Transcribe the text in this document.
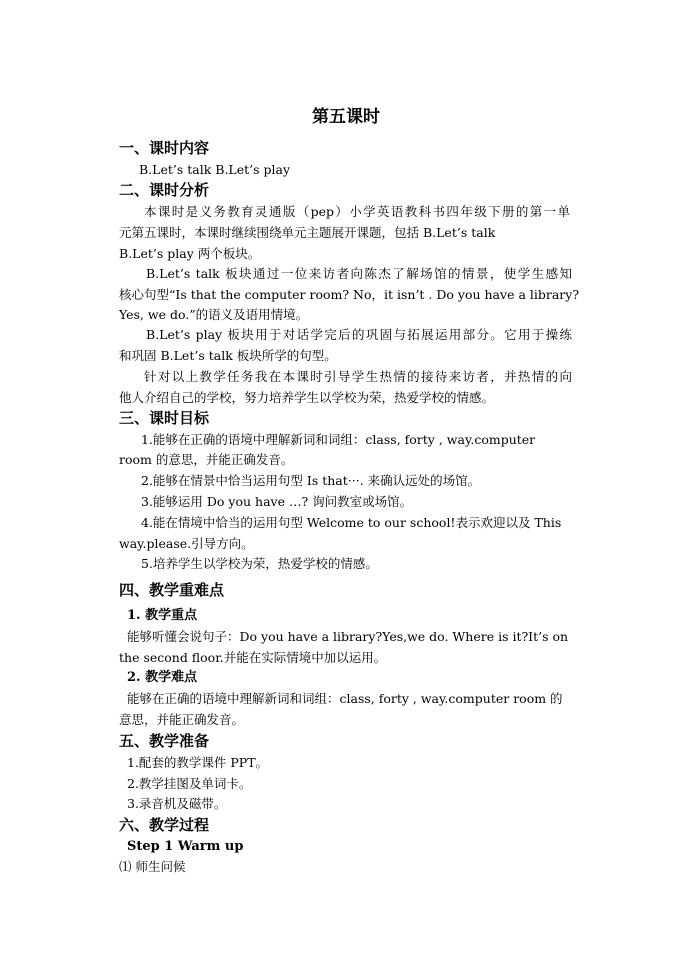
第五课时
一、课时内容
B.Let’s talk B.Let’s play
二、课时分析
本课时是义务教育灵通版（pep）小学英语教科书四年级下册的第一单
元第五课时，本课时继续围绕单元主题展开课题，包括 B.Let’s talk
B.Let’s play 两个板块。
B.Let’s talk 板块通过一位来访者向陈杰了解场馆的情景，使学生感知
核心句型“Is that the computer room? No，it isn’t . Do you have a library?
Yes, we do.”的语义及语用情境。
B.Let’s play 板块用于对话学完后的巩固与拓展运用部分。它用于操练
和巩固 B.Let’s talk 板块所学的句型。
针对以上教学任务我在本课时引导学生热情的接待来访者，并热情的向
他人介绍自己的学校，努力培养学生以学校为荣，热爱学校的情感。
三、课时目标
1.能够在正确的语境中理解新词和词组：class, forty , way.computer
room 的意思，并能正确发音。
2.能够在情景中恰当运用句型 Is that···. 来确认远处的场馆。
3.能够运用 Do you have …? 询问教室或场馆。
4.能在情境中恰当的运用句型 Welcome to our school!表示欢迎以及 This
way.please.引导方向。
5.培养学生以学校为荣，热爱学校的情感。
四、教学重难点
1. 教学重点
能够听懂会说句子：Do you have a library?Yes,we do. Where is it?It’s on
the second floor.并能在实际情境中加以运用。
2. 教学难点
能够在正确的语境中理解新词和词组：class, forty , way.computer room 的
意思，并能正确发音。
五、教学准备
1.配套的教学课件 PPT。
2.教学挂图及单词卡。
3.录音机及磁带。
六、教学过程
Step 1 Warm up
⑴ 师生问候
